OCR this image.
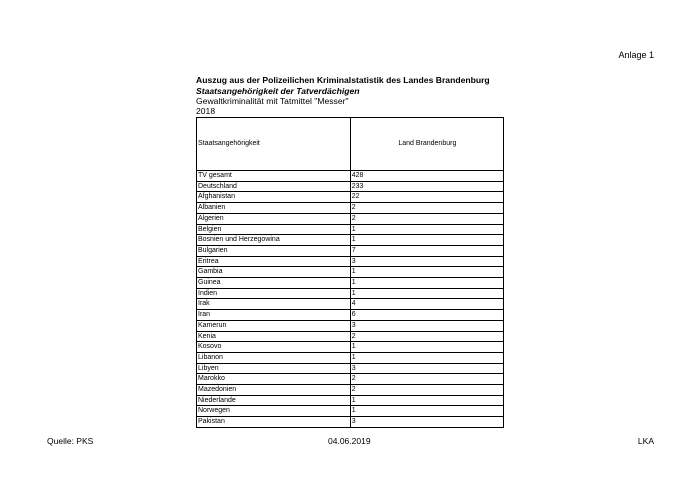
Anlage 1
Auszug aus der Polizeilichen Kriminalstatistik des Landes Brandenburg
Staatsangehörigkeit der Tatverdächigen
Gewaltkriminalität mit Tatmittel "Messer"
2018
Staatsangehörigkeit	Land Brandenburg
TV gesamt	428
Deutschland	233
Afghanistan	22
Albanien	2
Algerien	2
Belgien	1
Bosnien und Herzegowina	1
Bulgarien	7
Eritrea	3
Gambia	1
Guinea	1
Indien	1
Irak	4
Iran	6
Kamerun	3
Kenia	2
Kosovo	1
Libanon	1
Libyen	3
Marokko	2
Mazedonien	2
Niederlande	1
Norwegen	1
Pakistan	3
Quelle: PKS	04.06.2019	LKA
